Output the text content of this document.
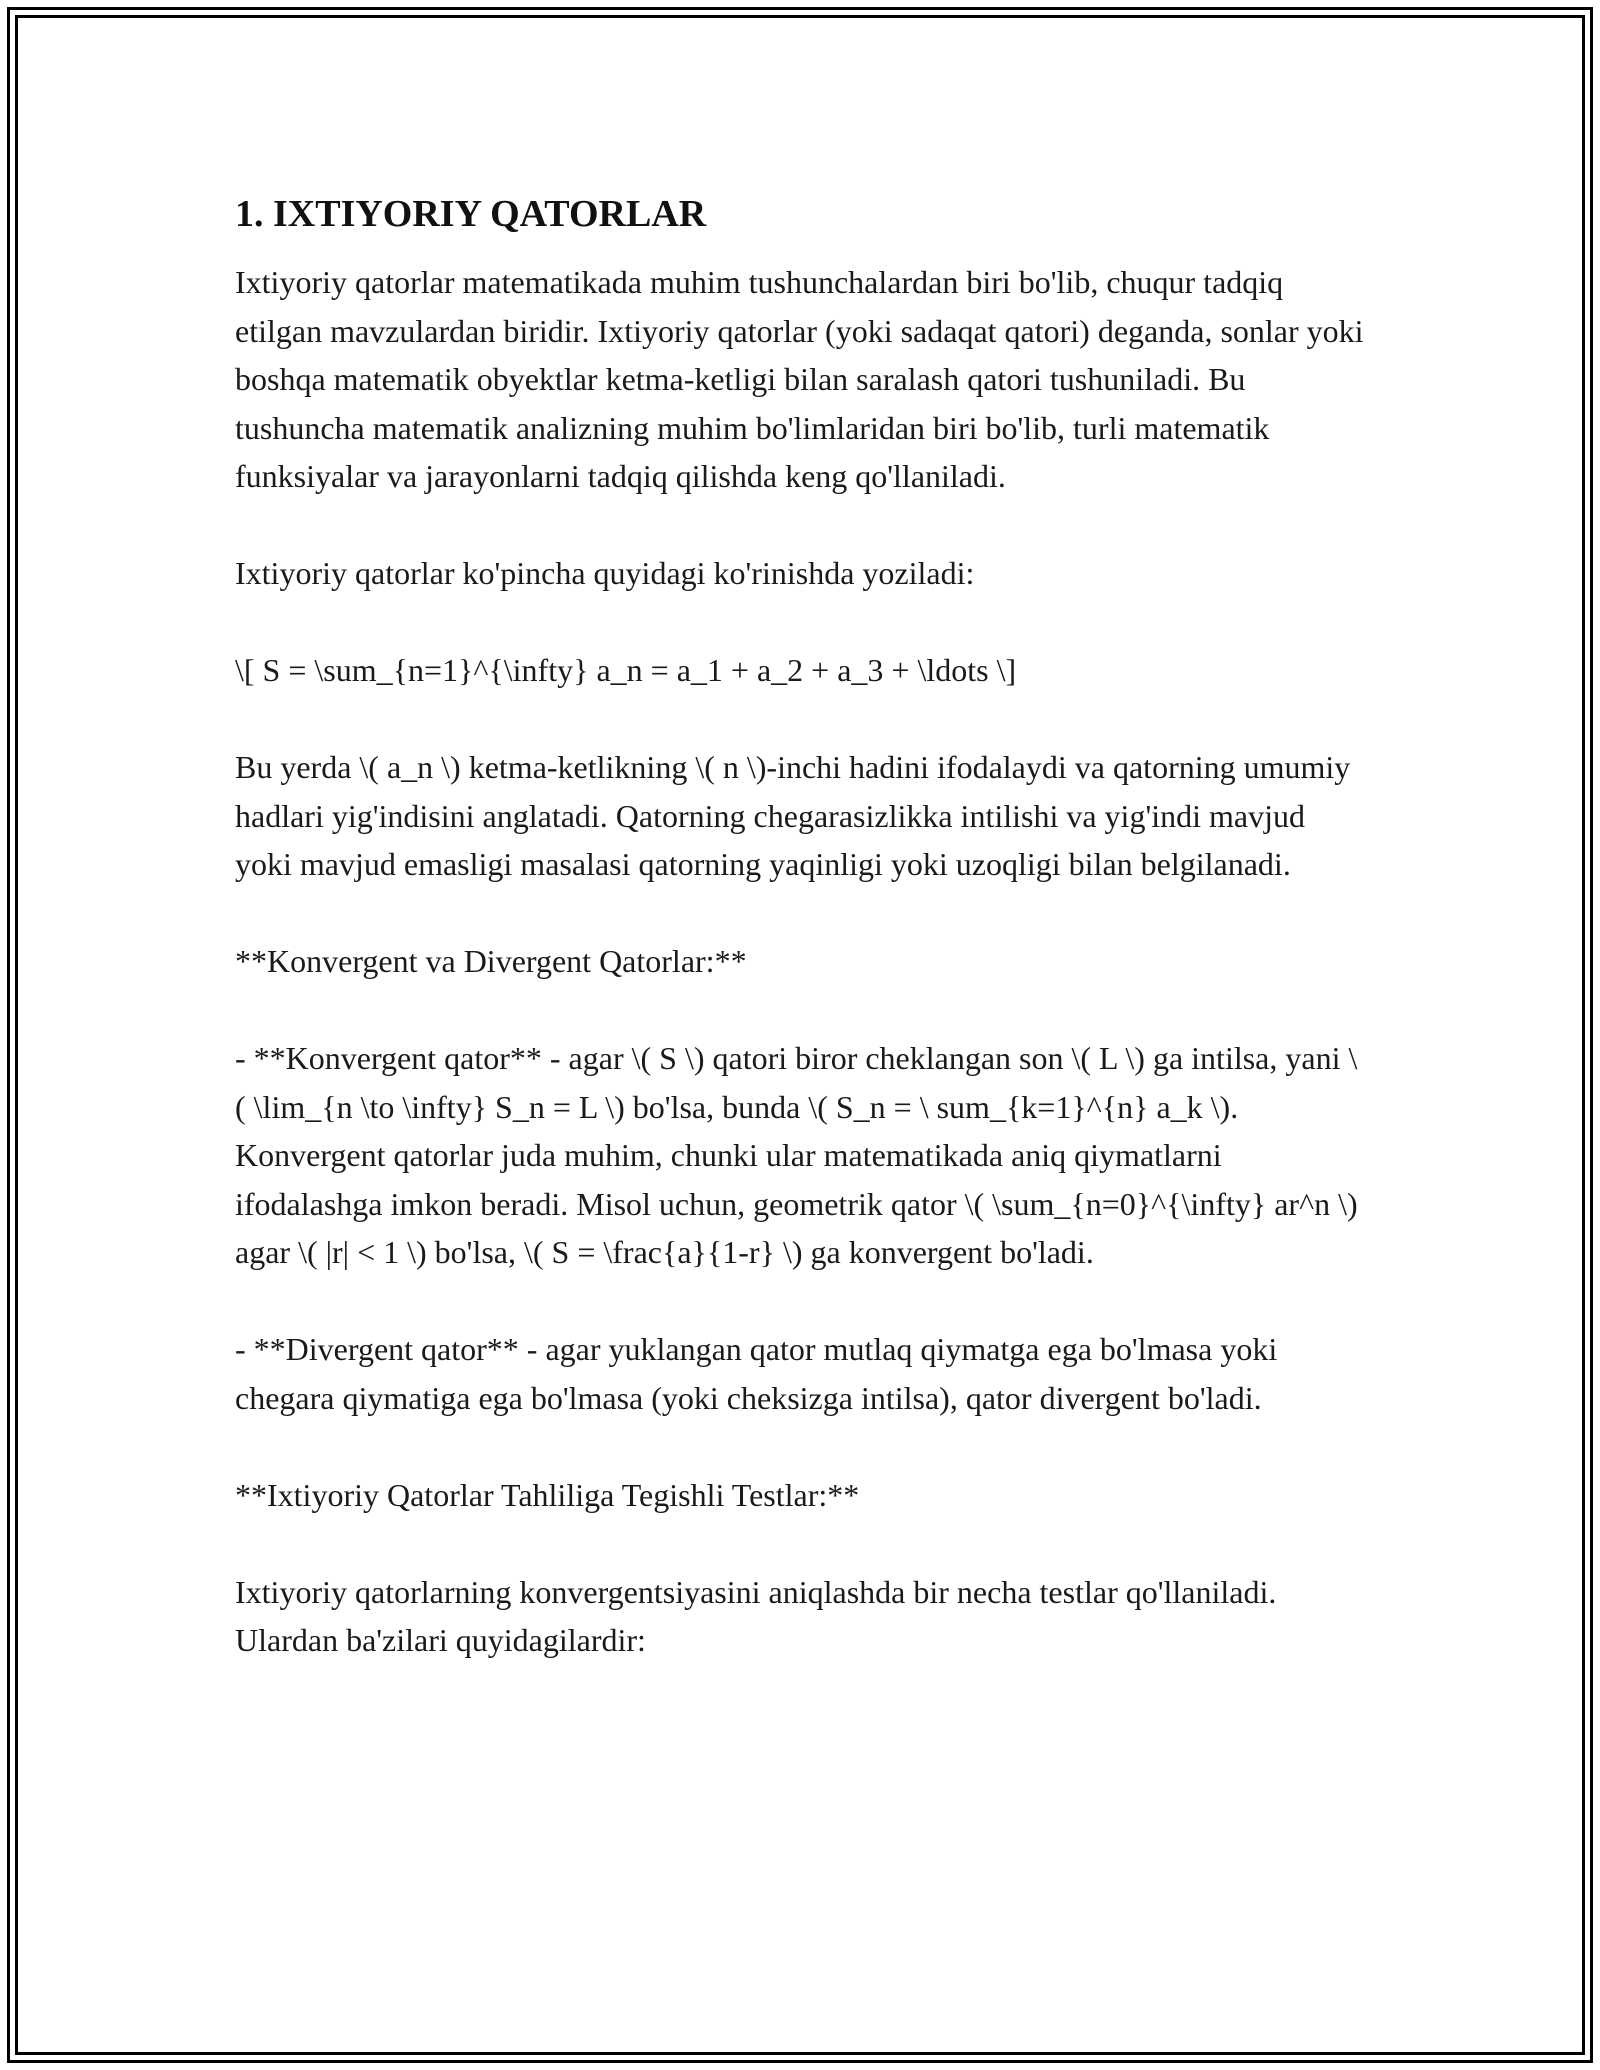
1. IXTIYORIY QATORLAR

Ixtiyoriy qatorlar matematikada muhim tushunchalardan biri bo'lib, chuqur tadqiq etilgan mavzulardan biridir. Ixtiyoriy qatorlar (yoki sadaqat qatori) deganda, sonlar yoki boshqa matematik obyektlar ketma-ketligi bilan saralash qatori tushuniladi. Bu tushuncha matematik analizning muhim bo'limlaridan biri bo'lib, turli matematik funksiyalar va jarayonlarni tadqiq qilishda keng qo'llaniladi.

Ixtiyoriy qatorlar ko'pincha quyidagi ko'rinishda yoziladi:

\[ S = \sum_{n=1}^{\infty} a_n = a_1 + a_2 + a_3 + \ldots \]

Bu yerda \( a_n \) ketma-ketlikning \( n \)-inchi hadini ifodalaydi va qatorning umumiy hadlari yig'indisini anglatadi. Qatorning chegarasizlikka intilishi va yig'indi mavjud yoki mavjud emasligi masalasi qatorning yaqinligi yoki uzoqligi bilan belgilanadi.

**Konvergent va Divergent Qatorlar:**

- **Konvergent qator** - agar \( S \) qatori biror cheklangan son \( L \) ga intilsa, yani \( \lim_{n \to \infty} S_n = L \) bo'lsa, bunda \( S_n = \ sum_{k=1}^{n} a_k \). Konvergent qatorlar juda muhim, chunki ular matematikada aniq qiymatlarni ifodalashga imkon beradi. Misol uchun, geometrik qator \( \sum_{n=0}^{\infty} ar^n \) agar \( |r| < 1 \) bo'lsa, \( S = \frac{a}{1-r} \) ga konvergent bo'ladi.

- **Divergent qator** - agar yuklangan qator mutlaq qiymatga ega bo'lmasa yoki chegara qiymatiga ega bo'lmasa (yoki cheksizga intilsa), qator divergent bo'ladi.

**Ixtiyoriy Qatorlar Tahliliga Tegishli Testlar:**

Ixtiyoriy qatorlarning konvergentsiyasini aniqlashda bir necha testlar qo'llaniladi. Ulardan ba'zilari quyidagilardir:
